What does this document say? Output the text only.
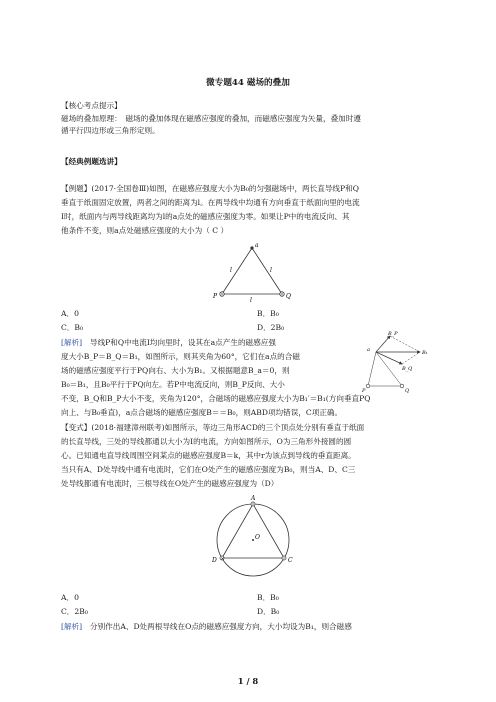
微专题44 磁场的叠加
【核心考点提示】
磁场的叠加原理：　磁场的叠加体现在磁感应强度的叠加，而磁感应强度为矢量，叠加时遵
循平行四边形或三角形定则。
【经典例题选讲】
【例题】(2017·全国卷Ⅲ)如图，在磁感应强度大小为B₀的匀强磁场中，两长直导线P和Q
垂直于纸面固定放置，两者之间的距离为l。在两导线中均通有方向垂直于纸面向里的电流
I时，纸面内与两导线距离均为l的a点处的磁感应强度为零。如果让P中的电流反向、其
他条件不变，则a点处磁感应强度的大小为（ C ）
a
P	Q
l	l
l
A．0	B．B₀
C．B₀	D．2B₀
[解析] 导线P和Q中电流I均向里时，设其在a点产生的磁感应强
度大小B_P＝B_Q＝B₁，如图所示，则其夹角为60°，它们在a点的合磁
场的磁感应强度平行于PQ向右、大小为B₁。又根据题意B_a＝0，则
B₀＝B₁，且B₀平行于PQ向左。若P中电流反向，则B_P反向、大小
不变，B_Q和B_P大小不变，夹角为120°，合磁场的磁感应强度大小为B₁′＝B₁(方向垂直PQ
向上、与B₀垂直)，a点合磁场的磁感应强度B＝＝B₀，则ABD项均错误，C项正确。
B_P
a	B₁
B_Q
P	Q
【变式】(2018·福建漳州联考)如图所示，等边三角形ACD的三个顶点处分别有垂直于纸面
的长直导线，三处的导线都通以大小为I的电流，方向如图所示，O为三角形外接圆的圆
心。已知通电直导线周围空间某点的磁感应强度B＝k，其中r为该点到导线的垂直距离。
当只有A、D处导线中通有电流时，它们在O处产生的磁感应强度为B₀，则当A、D、C三
处导线都通有电流时，三根导线在O处产生的磁感应强度为（D）
×
A
D	C
O
A．0	B．B₀
C．2B₀	D．B₀
[解析] 分别作出A、D处两根导线在O点的磁感应强度方向，大小均设为B₁，则合磁感
1 / 8
